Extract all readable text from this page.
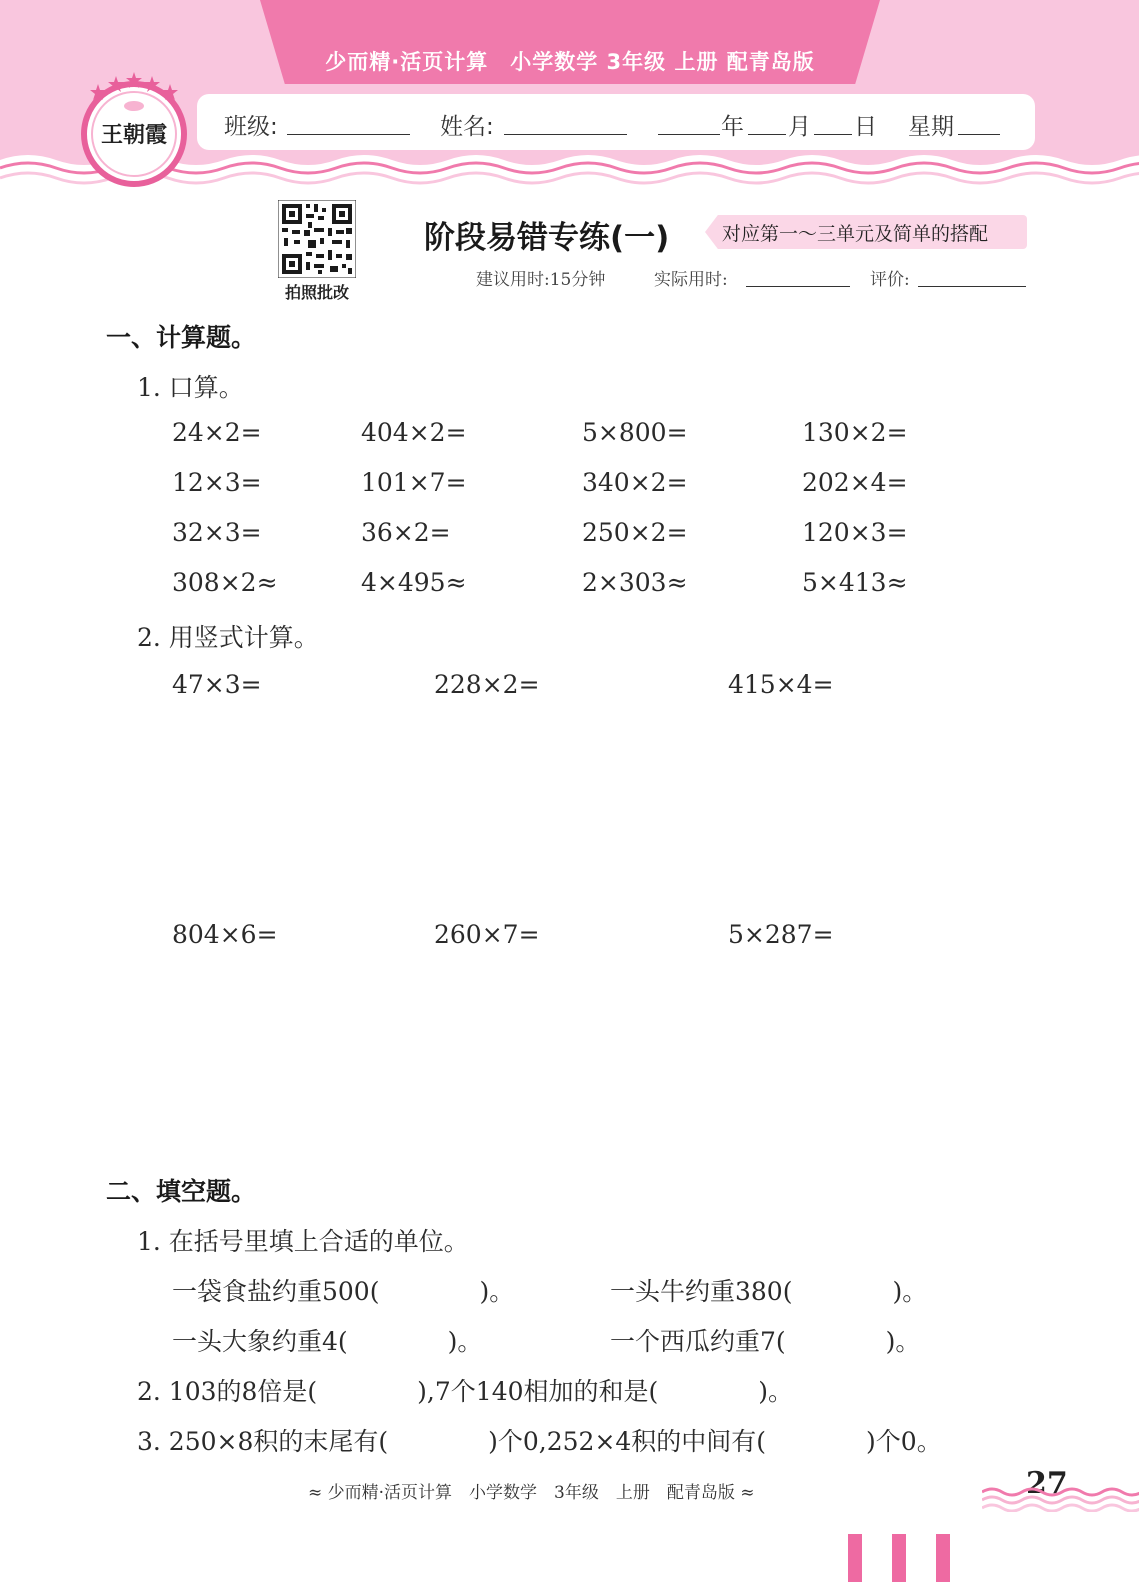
少而精·活页计算　小学数学 3年级 上册 配青岛版
班级:	姓名:	年 月 日 星期
王朝霞
拍照批改
阶段易错专练(一)	对应第一～三单元及简单的搭配
建议用时:15分钟	实际用时:	评价:
一、计算题。
1. 口算。
24×2=	404×2=	5×800=	130×2=
12×3=	101×7=	340×2=	202×4=
32×3=	36×2=	250×2=	120×3=
308×2≈	4×495≈	2×303≈	5×413≈
2. 用竖式计算。
47×3=	228×2=	415×4=
804×6=	260×7=	5×287=
二、填空题。
1. 在括号里填上合适的单位。
一袋食盐约重500(　　　　)。	一头牛约重380(　　　　)。
一头大象约重4(　　　　)。	一个西瓜约重7(　　　　)。
2. 103的8倍是(　　　　),7个140相加的和是(　　　　)。
3. 250×8积的末尾有(　　　　)个0,252×4积的中间有(　　　　)个0。
≈ 少而精·活页计算　小学数学　3年级　上册　配青岛版 ≈	27
